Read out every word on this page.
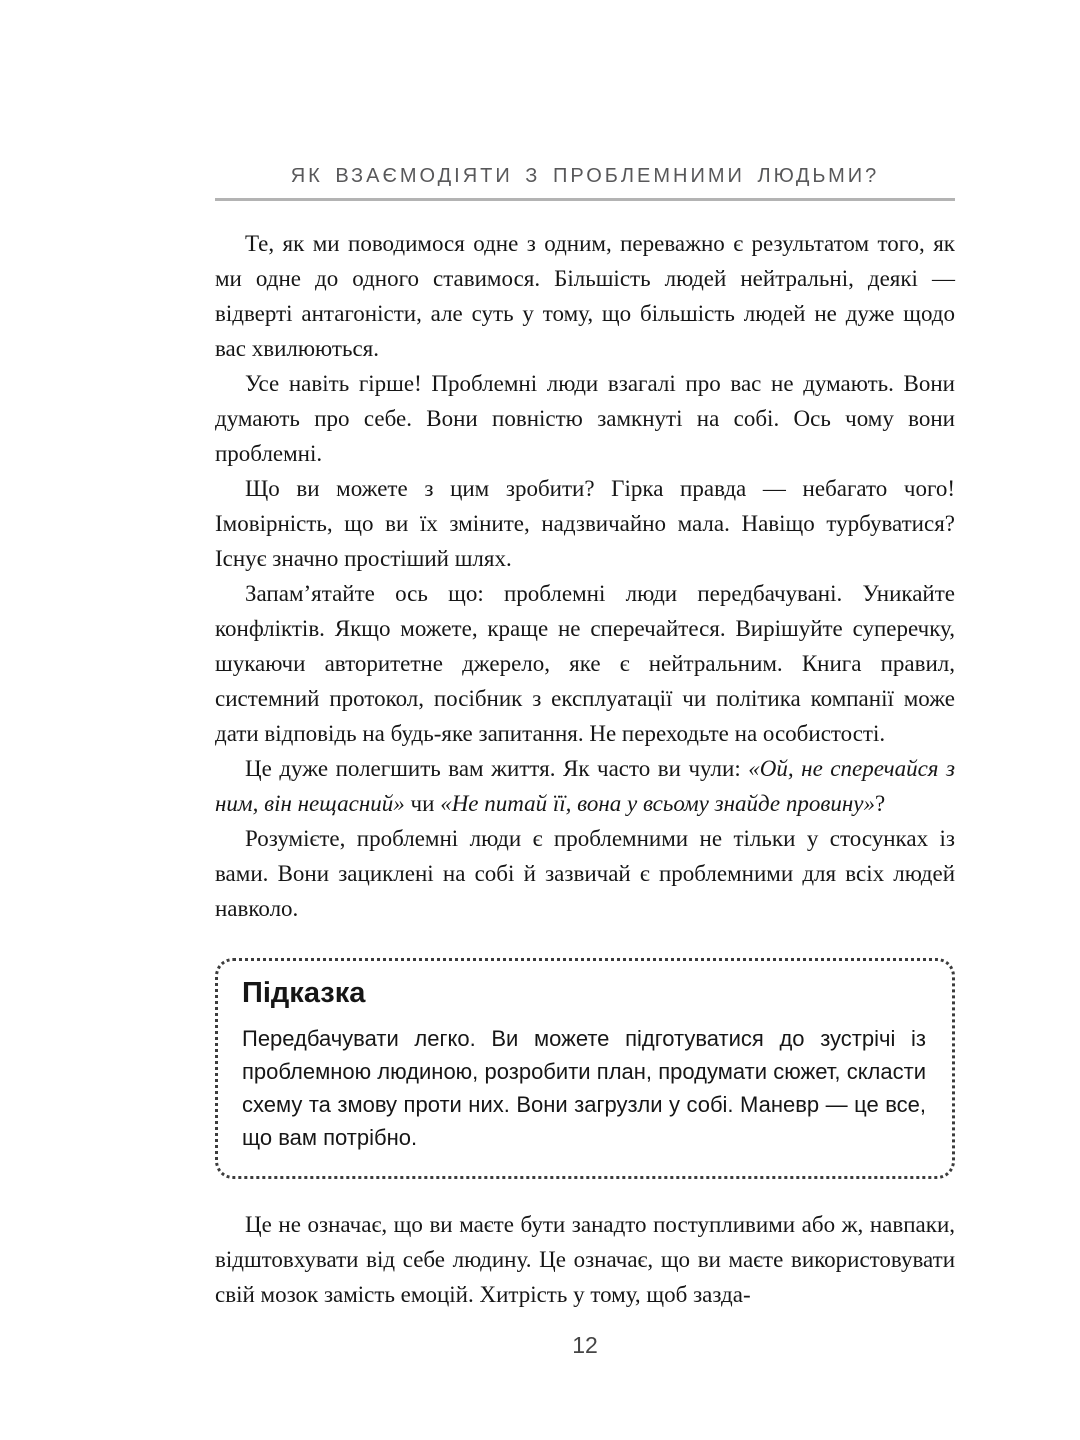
ЯК ВЗАЄМОДІЯТИ З ПРОБЛЕМНИМИ ЛЮДЬМИ?

Те, як ми поводимося одне з одним, переважно є результатом того, як ми одне до одного ставимося. Більшість людей нейтральні, деякі — відверті антагоністи, але суть у тому, що більшість людей не дуже щодо вас хвилюються.

Усе навіть гірше! Проблемні люди взагалі про вас не думають. Вони думають про себе. Вони повністю замкнуті на собі. Ось чому вони проблемні.

Що ви можете з цим зробити? Гірка правда — небагато чого! Імовірність, що ви їх зміните, надзвичайно мала. Навіщо турбуватися? Існує значно простіший шлях.

Запам’ятайте ось що: проблемні люди передбачувані. Уникайте конфліктів. Якщо можете, краще не сперечайтеся. Вирішуйте суперечку, шукаючи авторитетне джерело, яке є нейтральним. Книга правил, системний протокол, посібник з експлуатації чи політика компанії може дати відповідь на будь-яке запитання. Не переходьте на особистості.

Це дуже полегшить вам життя. Як часто ви чули: «Ой, не сперечайся з ним, він нещасний» чи «Не питай її, вона у всьому знайде провину»?

Розумієте, проблемні люди є проблемними не тільки у стосунках із вами. Вони зациклені на собі й зазвичай є проблемними для всіх людей навколо.

Підказка
Передбачувати легко. Ви можете підготуватися до зустрічі із проблемною людиною, розробити план, продумати сюжет, скласти схему та змову проти них. Вони загрузли у собі. Маневр — це все, що вам потрібно.

Це не означає, що ви маєте бути занадто поступливими або ж, навпаки, відштовхувати від себе людину. Це означає, що ви маєте використовувати свій мозок замість емоцій. Хитрість у тому, щоб зазда-

12
